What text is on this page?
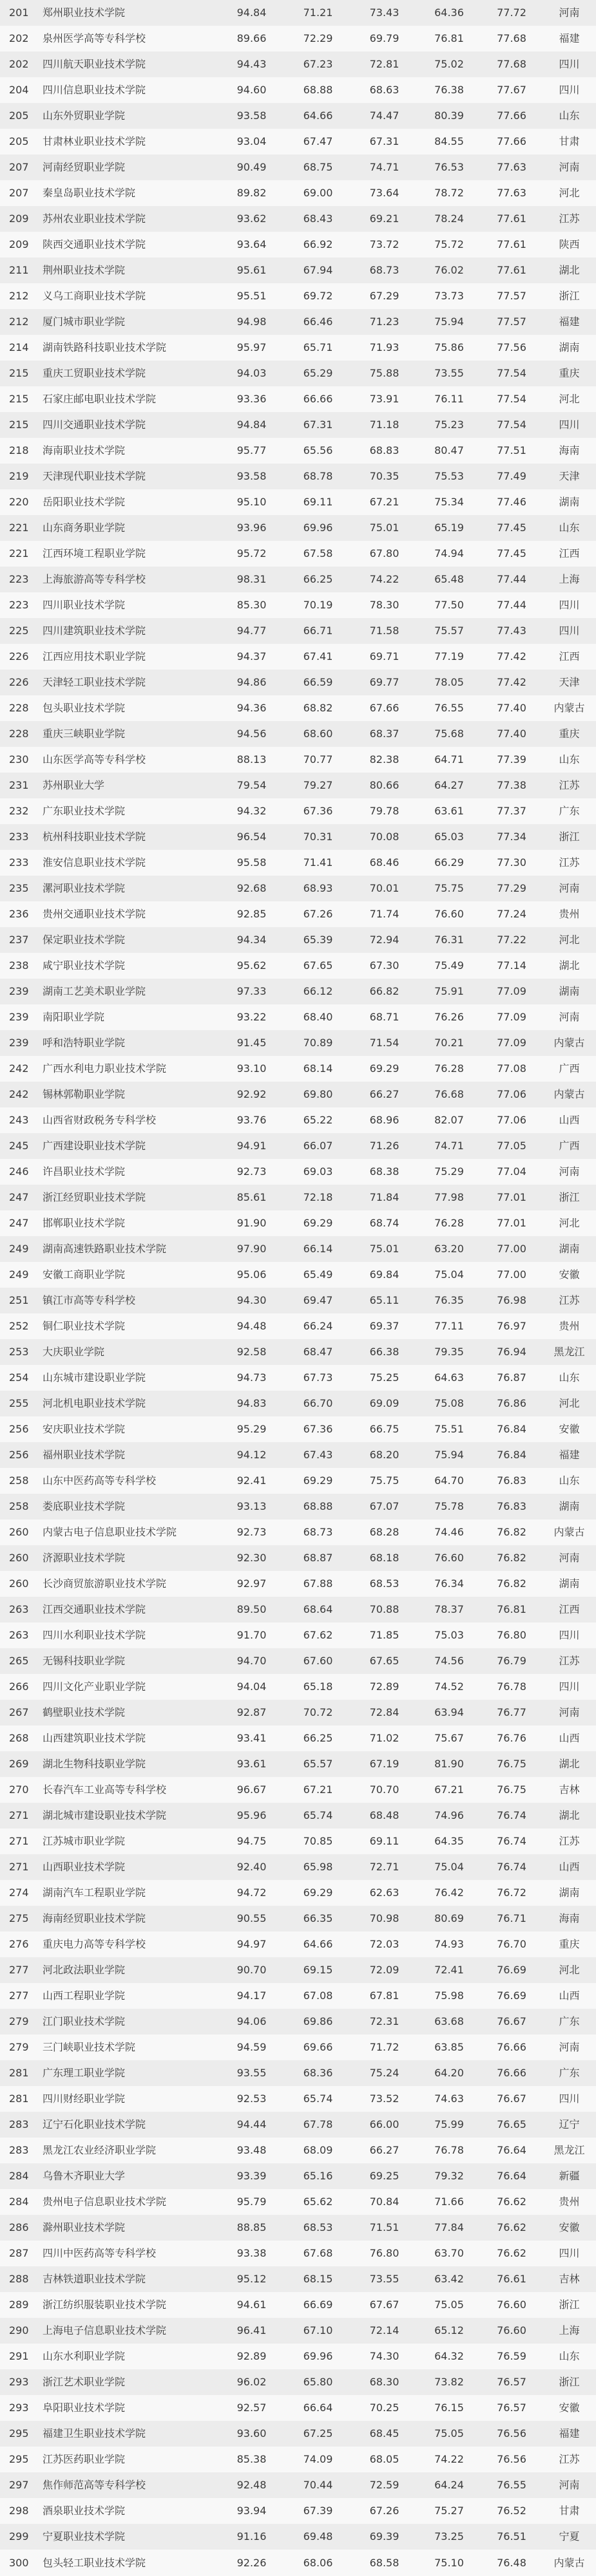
201	郑州职业技术学院	94.84	71.21	73.43	64.36	77.72	河南
202	泉州医学高等专科学校	89.66	72.29	69.79	76.81	77.68	福建
202	四川航天职业技术学院	94.43	67.23	72.81	75.02	77.68	四川
204	四川信息职业技术学院	94.60	68.88	68.63	76.38	77.67	四川
205	山东外贸职业学院	93.58	64.66	74.47	80.39	77.66	山东
205	甘肃林业职业技术学院	93.04	67.47	67.31	84.55	77.66	甘肃
207	河南经贸职业学院	90.49	68.75	74.71	76.53	77.63	河南
207	秦皇岛职业技术学院	89.82	69.00	73.64	78.72	77.63	河北
209	苏州农业职业技术学院	93.62	68.43	69.21	78.24	77.61	江苏
209	陕西交通职业技术学院	93.64	66.92	73.72	75.72	77.61	陕西
211	荆州职业技术学院	95.61	67.94	68.73	76.02	77.61	湖北
212	义乌工商职业技术学院	95.51	69.72	67.29	73.73	77.57	浙江
212	厦门城市职业学院	94.98	66.46	71.23	75.94	77.57	福建
214	湖南铁路科技职业技术学院	95.97	65.71	71.93	75.86	77.56	湖南
215	重庆工贸职业技术学院	94.03	65.29	75.88	73.55	77.54	重庆
215	石家庄邮电职业技术学院	93.36	66.66	73.91	76.11	77.54	河北
215	四川交通职业技术学院	94.84	67.31	71.18	75.23	77.54	四川
218	海南职业技术学院	95.77	65.56	68.83	80.47	77.51	海南
219	天津现代职业技术学院	93.58	68.78	70.35	75.53	77.49	天津
220	岳阳职业技术学院	95.10	69.11	67.21	75.34	77.46	湖南
221	山东商务职业学院	93.96	69.96	75.01	65.19	77.45	山东
221	江西环境工程职业学院	95.72	67.58	67.80	74.94	77.45	江西
223	上海旅游高等专科学校	98.31	66.25	74.22	65.48	77.44	上海
223	四川职业技术学院	85.30	70.19	78.30	77.50	77.44	四川
225	四川建筑职业技术学院	94.77	66.71	71.58	75.57	77.43	四川
226	江西应用技术职业学院	94.37	67.41	69.71	77.19	77.42	江西
226	天津轻工职业技术学院	94.86	66.59	69.77	78.05	77.42	天津
228	包头职业技术学院	94.36	68.82	67.66	76.55	77.40	内蒙古
228	重庆三峡职业学院	94.56	68.60	68.37	75.68	77.40	重庆
230	山东医学高等专科学校	88.13	70.77	82.38	64.71	77.39	山东
231	苏州职业大学	79.54	79.27	80.66	64.27	77.38	江苏
232	广东职业技术学院	94.32	67.36	79.78	63.61	77.37	广东
233	杭州科技职业技术学院	96.54	70.31	70.08	65.03	77.34	浙江
233	淮安信息职业技术学院	95.58	71.41	68.46	66.29	77.30	江苏
235	漯河职业技术学院	92.68	68.93	70.01	75.75	77.29	河南
236	贵州交通职业技术学院	92.85	67.26	71.74	76.60	77.24	贵州
237	保定职业技术学院	94.34	65.39	72.94	76.31	77.22	河北
238	咸宁职业技术学院	95.62	67.65	67.30	75.49	77.14	湖北
239	湖南工艺美术职业学院	97.33	66.12	66.82	75.91	77.09	湖南
239	南阳职业学院	93.22	68.40	68.71	76.26	77.09	河南
239	呼和浩特职业学院	91.45	70.89	71.54	70.21	77.09	内蒙古
242	广西水利电力职业技术学院	93.10	68.14	69.29	76.28	77.08	广西
242	锡林郭勒职业学院	92.92	69.80	66.27	76.68	77.06	内蒙古
243	山西省财政税务专科学校	93.76	65.22	68.96	82.07	77.06	山西
245	广西建设职业技术学院	94.91	66.07	71.26	74.71	77.05	广西
246	许昌职业技术学院	92.73	69.03	68.38	75.29	77.04	河南
247	浙江经贸职业技术学院	85.61	72.18	71.84	77.98	77.01	浙江
247	邯郸职业技术学院	91.90	69.29	68.74	76.28	77.01	河北
249	湖南高速铁路职业技术学院	97.90	66.14	75.01	63.20	77.00	湖南
249	安徽工商职业学院	95.06	65.49	69.84	75.04	77.00	安徽
251	镇江市高等专科学校	94.30	69.47	65.11	76.35	76.98	江苏
252	铜仁职业技术学院	94.48	66.24	69.37	77.11	76.97	贵州
253	大庆职业学院	92.58	68.47	66.38	79.35	76.94	黑龙江
254	山东城市建设职业学院	94.73	67.73	75.25	64.63	76.87	山东
255	河北机电职业技术学院	94.83	66.70	69.09	75.08	76.86	河北
256	安庆职业技术学院	95.29	67.36	66.75	75.51	76.84	安徽
256	福州职业技术学院	94.12	67.43	68.20	75.94	76.84	福建
258	山东中医药高等专科学校	92.41	69.29	75.75	64.70	76.83	山东
258	娄底职业技术学院	93.13	68.88	67.07	75.78	76.83	湖南
260	内蒙古电子信息职业技术学院	92.73	68.73	68.28	74.46	76.82	内蒙古
260	济源职业技术学院	92.30	68.87	68.18	76.60	76.82	河南
260	长沙商贸旅游职业技术学院	92.97	67.88	68.53	76.34	76.82	湖南
263	江西交通职业技术学院	89.50	68.64	70.88	78.37	76.81	江西
263	四川水利职业技术学院	91.70	67.62	71.85	75.03	76.80	四川
265	无锡科技职业学院	94.70	67.60	67.65	74.56	76.79	江苏
266	四川文化产业职业学院	94.04	65.18	72.89	74.52	76.78	四川
267	鹤壁职业技术学院	92.87	70.72	72.84	63.94	76.77	河南
268	山西建筑职业技术学院	93.41	66.25	71.02	75.67	76.76	山西
269	湖北生物科技职业学院	93.61	65.57	67.19	81.90	76.75	湖北
270	长春汽车工业高等专科学校	96.67	67.21	70.70	67.21	76.75	吉林
271	湖北城市建设职业技术学院	95.96	65.74	68.48	74.96	76.74	湖北
271	江苏城市职业学院	94.75	70.85	69.11	64.35	76.74	江苏
271	山西职业技术学院	92.40	65.98	72.71	75.04	76.74	山西
274	湖南汽车工程职业学院	94.72	69.29	62.63	76.42	76.72	湖南
275	海南经贸职业技术学院	90.55	66.35	70.98	80.69	76.71	海南
276	重庆电力高等专科学校	94.97	64.66	72.03	74.93	76.70	重庆
277	河北政法职业学院	90.70	69.15	72.09	72.41	76.69	河北
277	山西工程职业学院	94.17	67.08	67.81	75.98	76.69	山西
279	江门职业技术学院	94.06	69.86	72.31	63.68	76.67	广东
279	三门峡职业技术学院	94.59	69.66	71.72	63.85	76.66	河南
281	广东理工职业学院	93.55	68.36	75.24	64.20	76.66	广东
281	四川财经职业学院	92.53	65.74	73.52	74.63	76.67	四川
283	辽宁石化职业技术学院	94.44	67.78	66.00	75.99	76.65	辽宁
283	黑龙江农业经济职业学院	93.48	68.09	66.27	76.78	76.64	黑龙江
284	乌鲁木齐职业大学	93.39	65.16	69.25	79.32	76.64	新疆
284	贵州电子信息职业技术学院	95.79	65.62	70.84	71.66	76.62	贵州
286	滁州职业技术学院	88.85	68.53	71.51	77.84	76.62	安徽
287	四川中医药高等专科学校	93.38	67.68	76.80	63.70	76.62	四川
288	吉林铁道职业技术学院	95.12	68.15	73.55	63.42	76.61	吉林
289	浙江纺织服装职业技术学院	94.61	66.69	67.67	75.05	76.60	浙江
290	上海电子信息职业技术学院	96.41	67.10	72.14	65.12	76.60	上海
291	山东水利职业学院	92.89	69.96	74.30	64.32	76.59	山东
293	浙江艺术职业学院	96.02	65.80	68.30	73.82	76.57	浙江
293	阜阳职业技术学院	92.57	66.64	70.25	76.15	76.57	安徽
295	福建卫生职业技术学院	93.60	67.25	68.45	75.05	76.56	福建
295	江苏医药职业学院	85.38	74.09	68.05	74.22	76.56	江苏
297	焦作师范高等专科学校	92.48	70.44	72.59	64.24	76.55	河南
298	酒泉职业技术学院	93.94	67.39	67.26	75.27	76.52	甘肃
299	宁夏职业技术学院	91.16	69.48	69.39	73.25	76.51	宁夏
300	包头轻工职业技术学院	92.26	68.06	68.58	75.10	76.48	内蒙古
